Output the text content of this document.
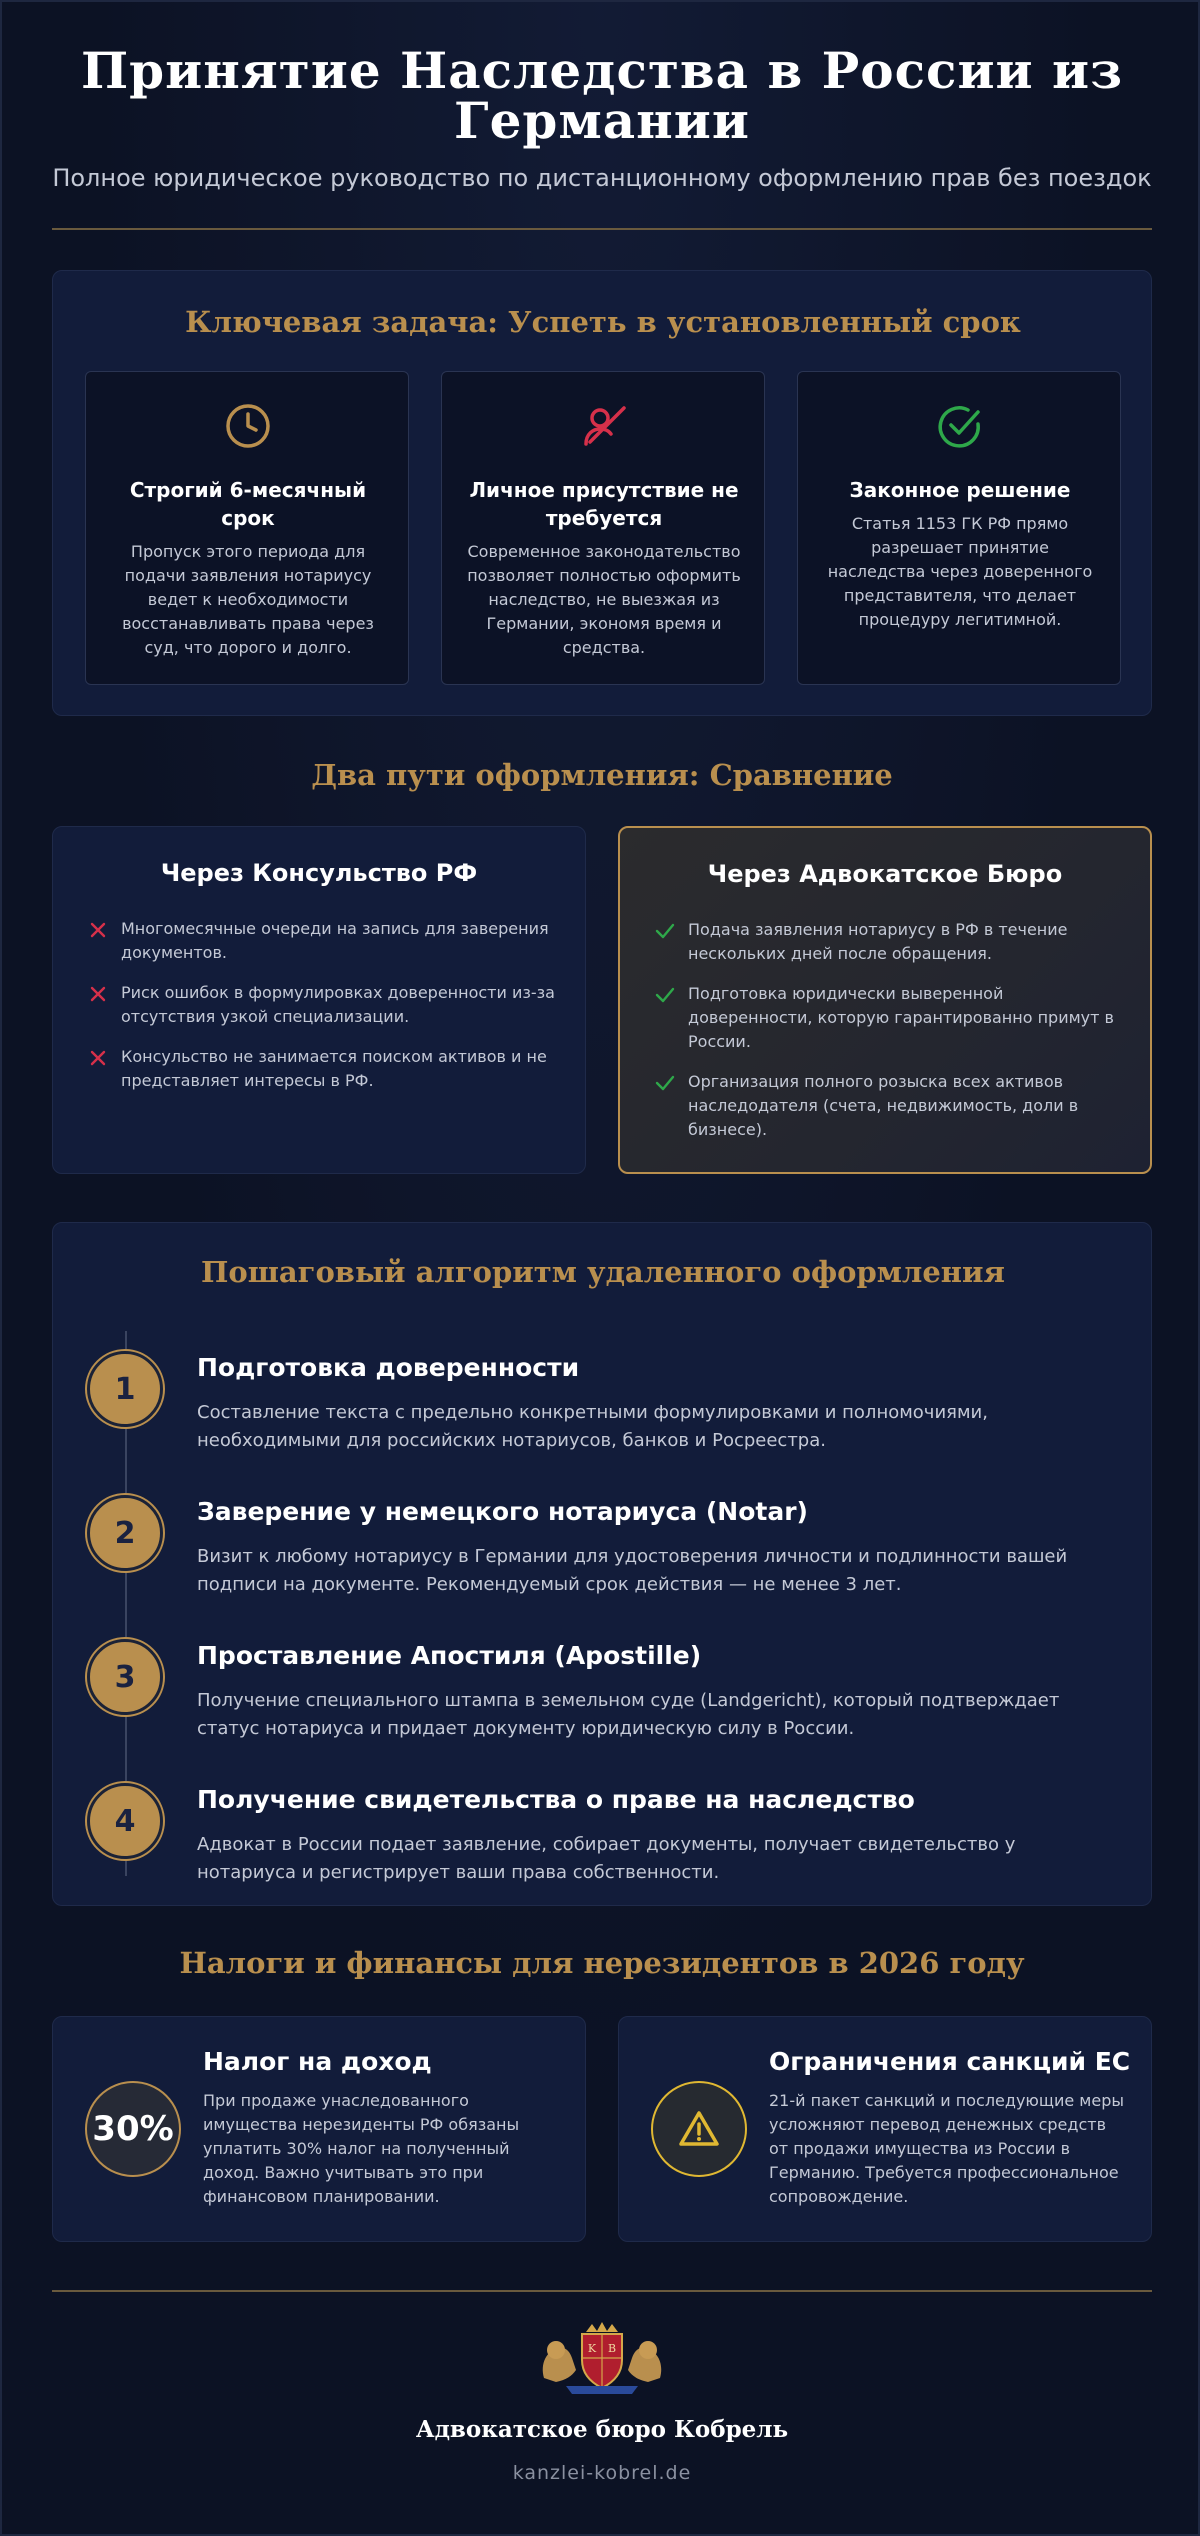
Принятие Наследства в России из Германии
Полное юридическое руководство по дистанционному оформлению прав без поездок
Ключевая задача: Успеть в установленный срок
Строгий 6-месячный срок

Пропуск этого периода для подачи заявления нотариусу ведет к необходимости восстанавливать права через суд, что дорого и долго.

Личное присутствие не требуется

Современное законодательство позволяет полностью оформить наследство, не выезжая из Германии, экономя время и средства.

Законное решение

Статья 1153 ГК РФ прямо разрешает принятие наследства через доверенного представителя, что делает процедуру легитимной.

Два пути оформления: Сравнение
Через Консульство РФ
Многомесячные очереди на запись для заверения документов.
Риск ошибок в формулировках доверенности из-за отсутствия узкой специализации.
Консульство не занимается поиском активов и не представляет интересы в РФ.
Через Адвокатское Бюро
Подача заявления нотариусу в РФ в течение нескольких дней после обращения.
Подготовка юридически выверенной доверенности, которую гарантированно примут в России.
Организация полного розыска всех активов наследодателя (счета, недвижимость, доли в бизнесе).
Пошаговый алгоритм удаленного оформления
1
Подготовка доверенности

Составление текста с предельно конкретными формулировками и полномочиями, необходимыми для российских нотариусов, банков и Росреестра.

2
Заверение у немецкого нотариуса (Notar)

Визит к любому нотариусу в Германии для удостоверения личности и подлинности вашей подписи на документе. Рекомендуемый срок действия — не менее 3 лет.

3
Проставление Апостиля (Apostille)

Получение специального штампа в земельном суде (Landgericht), который подтверждает статус нотариуса и придает документу юридическую силу в России.

4
Получение свидетельства о праве на наследство

Адвокат в России подает заявление, собирает документы, получает свидетельство у нотариуса и регистрирует ваши права собственности.

Налоги и финансы для нерезидентов в 2026 году
30%
Налог на доход

При продаже унаследованного имущества нерезиденты РФ обязаны уплатить 30% налог на полученный доход. Важно учитывать это при финансовом планировании.

Ограничения санкций ЕС

21-й пакет санкций и последующие меры усложняют перевод денежных средств от продажи имущества из России в Германию. Требуется профессиональное сопровождение.

K B
Адвокатское бюро Кобрель
kanzlei-kobrel.de
